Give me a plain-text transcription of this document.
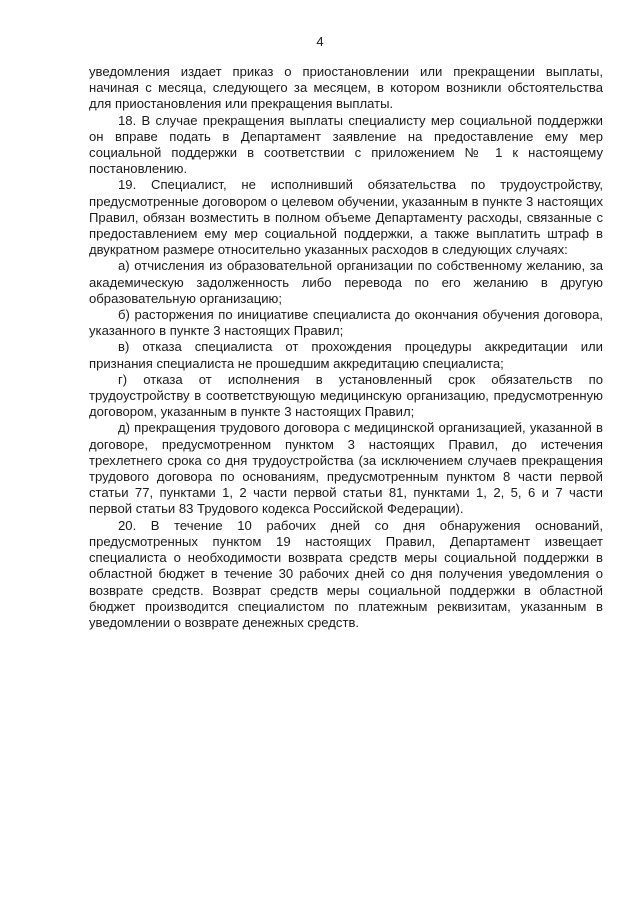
4

уведомления издает приказ о приостановлении или прекращении выплаты, начиная с месяца, следующего за месяцем, в котором возникли обстоятельства для приостановления или прекращения выплаты.

18. В случае прекращения выплаты специалисту мер социальной поддержки он вправе подать в Департамент заявление на предоставление ему мер социальной поддержки в соответствии с приложением № 1 к настоящему постановлению.

19. Специалист, не исполнивший обязательства по трудоустройству, предусмотренные договором о целевом обучении, указанным в пункте 3 настоящих Правил, обязан возместить в полном объеме Департаменту расходы, связанные с предоставлением ему мер социальной поддержки, а также выплатить штраф в двукратном размере относительно указанных расходов в следующих случаях:

а) отчисления из образовательной организации по собственному желанию, за академическую задолженность либо перевода по его желанию в другую образовательную организацию;

б) расторжения по инициативе специалиста до окончания обучения договора, указанного в пункте 3 настоящих Правил;

в) отказа специалиста от прохождения процедуры аккредитации или признания специалиста не прошедшим аккредитацию специалиста;

г) отказа от исполнения в установленный срок обязательств по трудоустройству в соответствующую медицинскую организацию, предусмотренную договором, указанным в пункте 3 настоящих Правил;

д) прекращения трудового договора с медицинской организацией, указанной в договоре, предусмотренном пунктом 3 настоящих Правил, до истечения трехлетнего срока со дня трудоустройства (за исключением случаев прекращения трудового договора по основаниям, предусмотренным пунктом 8 части первой статьи 77, пунктами 1, 2 части первой статьи 81, пунктами 1, 2, 5, 6 и 7 части первой статьи 83 Трудового кодекса Российской Федерации).

20. В течение 10 рабочих дней со дня обнаружения оснований, предусмотренных пунктом 19 настоящих Правил, Департамент извещает специалиста о необходимости возврата средств меры социальной поддержки в областной бюджет в течение 30 рабочих дней со дня получения уведомления о возврате средств. Возврат средств меры социальной поддержки в областной бюджет производится специалистом по платежным реквизитам, указанным в уведомлении о возврате денежных средств.
